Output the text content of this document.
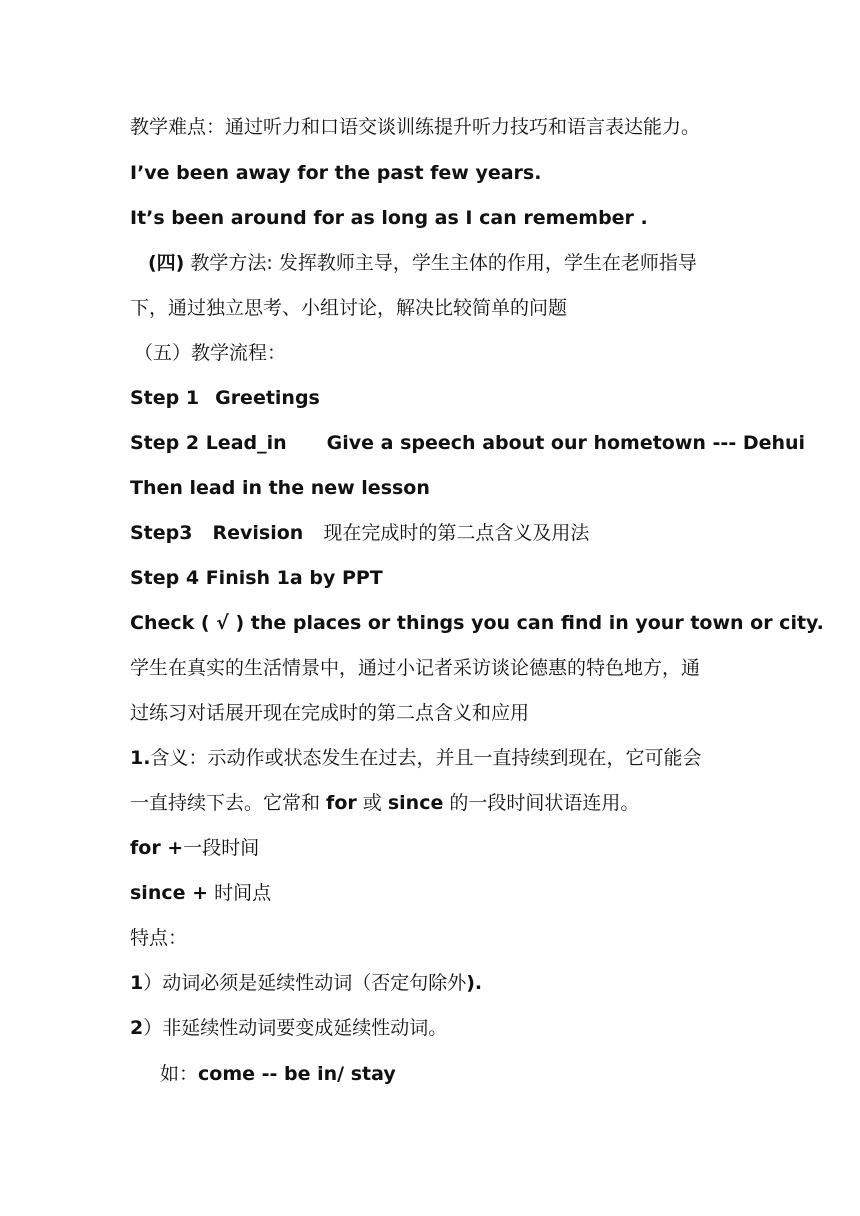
教学难点：通过听力和口语交谈训练提升听力技巧和语言表达能力。
I’ve been away for the past few years.
It’s been around for as long as I can remember .
(四) 教学方法: 发挥教师主导，学生主体的作用，学生在老师指导
下，通过独立思考、小组讨论，解决比较简单的问题
（五）教学流程：
Step 1 Greetings
Step 2 Lead_in Give a speech about our hometown --- Dehui
Then lead in the new lesson
Step3 Revision 现在完成时的第二点含义及用法
Step 4 Finish 1a by PPT
Check ( √ ) the places or things you can find in your town or city.
学生在真实的生活情景中，通过小记者采访谈论德惠的特色地方，通
过练习对话展开现在完成时的第二点含义和应用
1.含义：示动作或状态发生在过去，并且一直持续到现在，它可能会
一直持续下去。它常和 for 或 since 的一段时间状语连用。
for +一段时间
since + 时间点
特点：
1）动词必须是延续性动词（否定句除外).
2）非延续性动词要变成延续性动词。
如：come -- be in/ stay
